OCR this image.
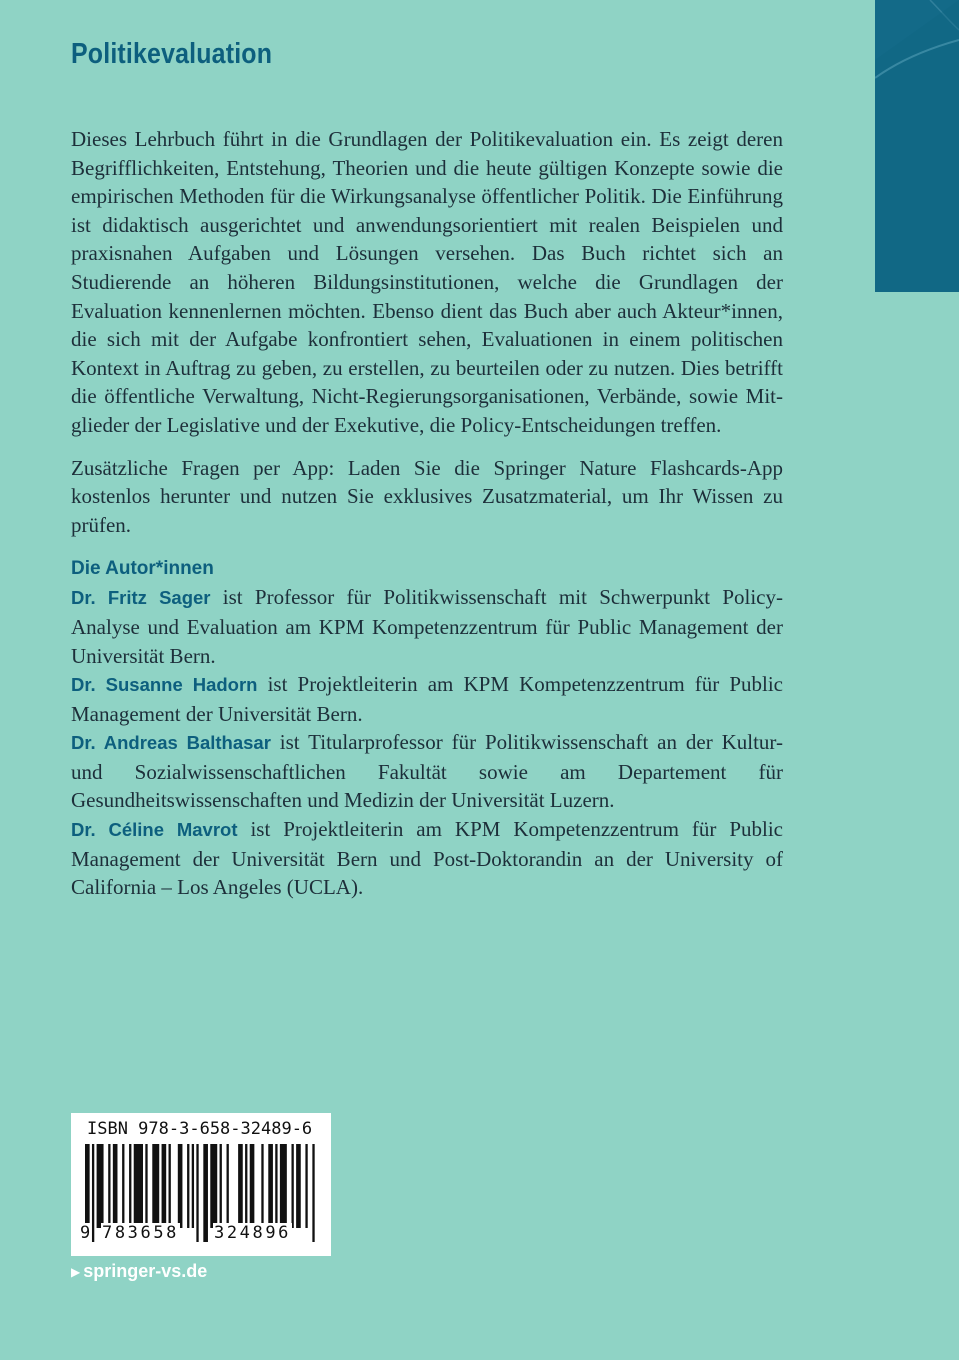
Politikevaluation

Dieses Lehrbuch führt in die Grundlagen der Politikevaluation ein. Es zeigt deren Begrifflichkeiten, Entstehung, Theorien und die heute gültigen Konzepte sowie die empirischen Methoden für die Wirkungsanalyse öffentlicher Politik. Die Einführung ist didaktisch ausgerichtet und anwendungsorientiert mit realen Beispielen und praxisnahen Aufgaben und Lösungen versehen. Das Buch richtet sich an Studierende an höheren Bildungsinstitutionen, welche die Grundlagen der Evaluation kennenlernen möchten. Ebenso dient das Buch aber auch Akteur*innen, die sich mit der Aufgabe konfrontiert sehen, Evaluationen in einem politischen Kontext in Auftrag zu geben, zu erstellen, zu beurteilen oder zu nutzen. Dies betrifft die öffentliche Verwaltung, Nicht-Regierungsorganisationen, Verbände, sowie Mitglieder der Legislative und der Exekutive, die Policy-Entscheidungen treffen.

Zusätzliche Fragen per App: Laden Sie die Springer Nature Flashcards-App kostenlos herunter und nutzen Sie exklusives Zusatzmaterial, um Ihr Wissen zu prüfen.

Die Autor*innen

Dr. Fritz Sager ist Professor für Politikwissenschaft mit Schwerpunkt Policy-Analyse und Evaluation am KPM Kompetenzzentrum für Public Management der Universität Bern.

Dr. Susanne Hadorn ist Projektleiterin am KPM Kompetenzzentrum für Public Management der Universität Bern.

Dr. Andreas Balthasar ist Titularprofessor für Politikwissenschaft an der Kultur- und Sozialwissenschaftlichen Fakultät sowie am Departement für Gesundheitswissenschaften und Medizin der Universität Luzern.

Dr. Céline Mavrot ist Projektleiterin am KPM Kompetenzzentrum für Public Management der Universität Bern und Post-Doktorandin an der University of California – Los Angeles (UCLA).

ISBN 978-3-658-32489-6
9 783658 324896
▶ springer-vs.de
